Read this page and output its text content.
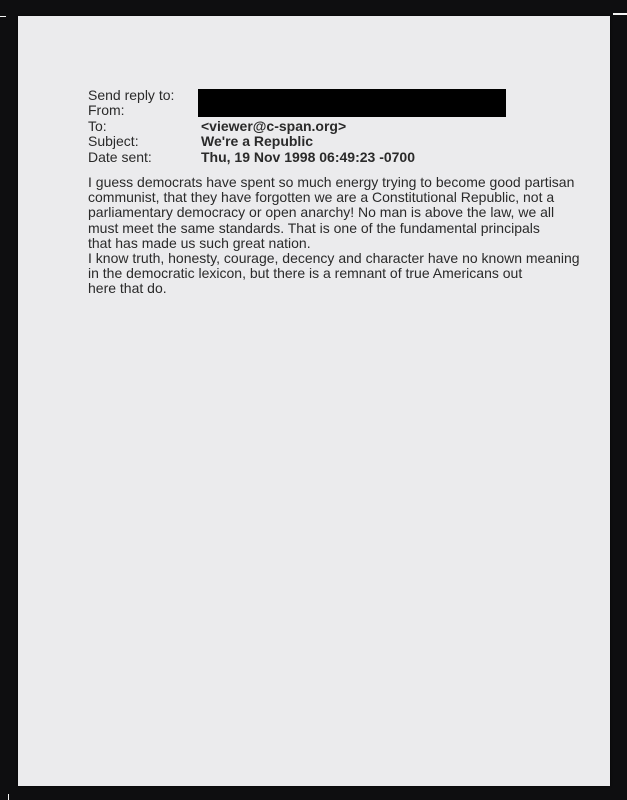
Send reply to:
From:
To:	<viewer@c-span.org>
Subject:	We're a Republic
Date sent:	Thu, 19 Nov 1998 06:49:23 -0700
I guess democrats have spent so much energy trying to become good partisan
communist, that they have forgotten we are a Constitutional Republic, not a
parliamentary democracy or open anarchy! No man is above the law, we all
must meet the same standards. That is one of the fundamental principals
that has made us such great nation.
I know truth, honesty, courage, decency and character have no known meaning
in the democratic lexicon, but there is a remnant of true Americans out
here that do.
